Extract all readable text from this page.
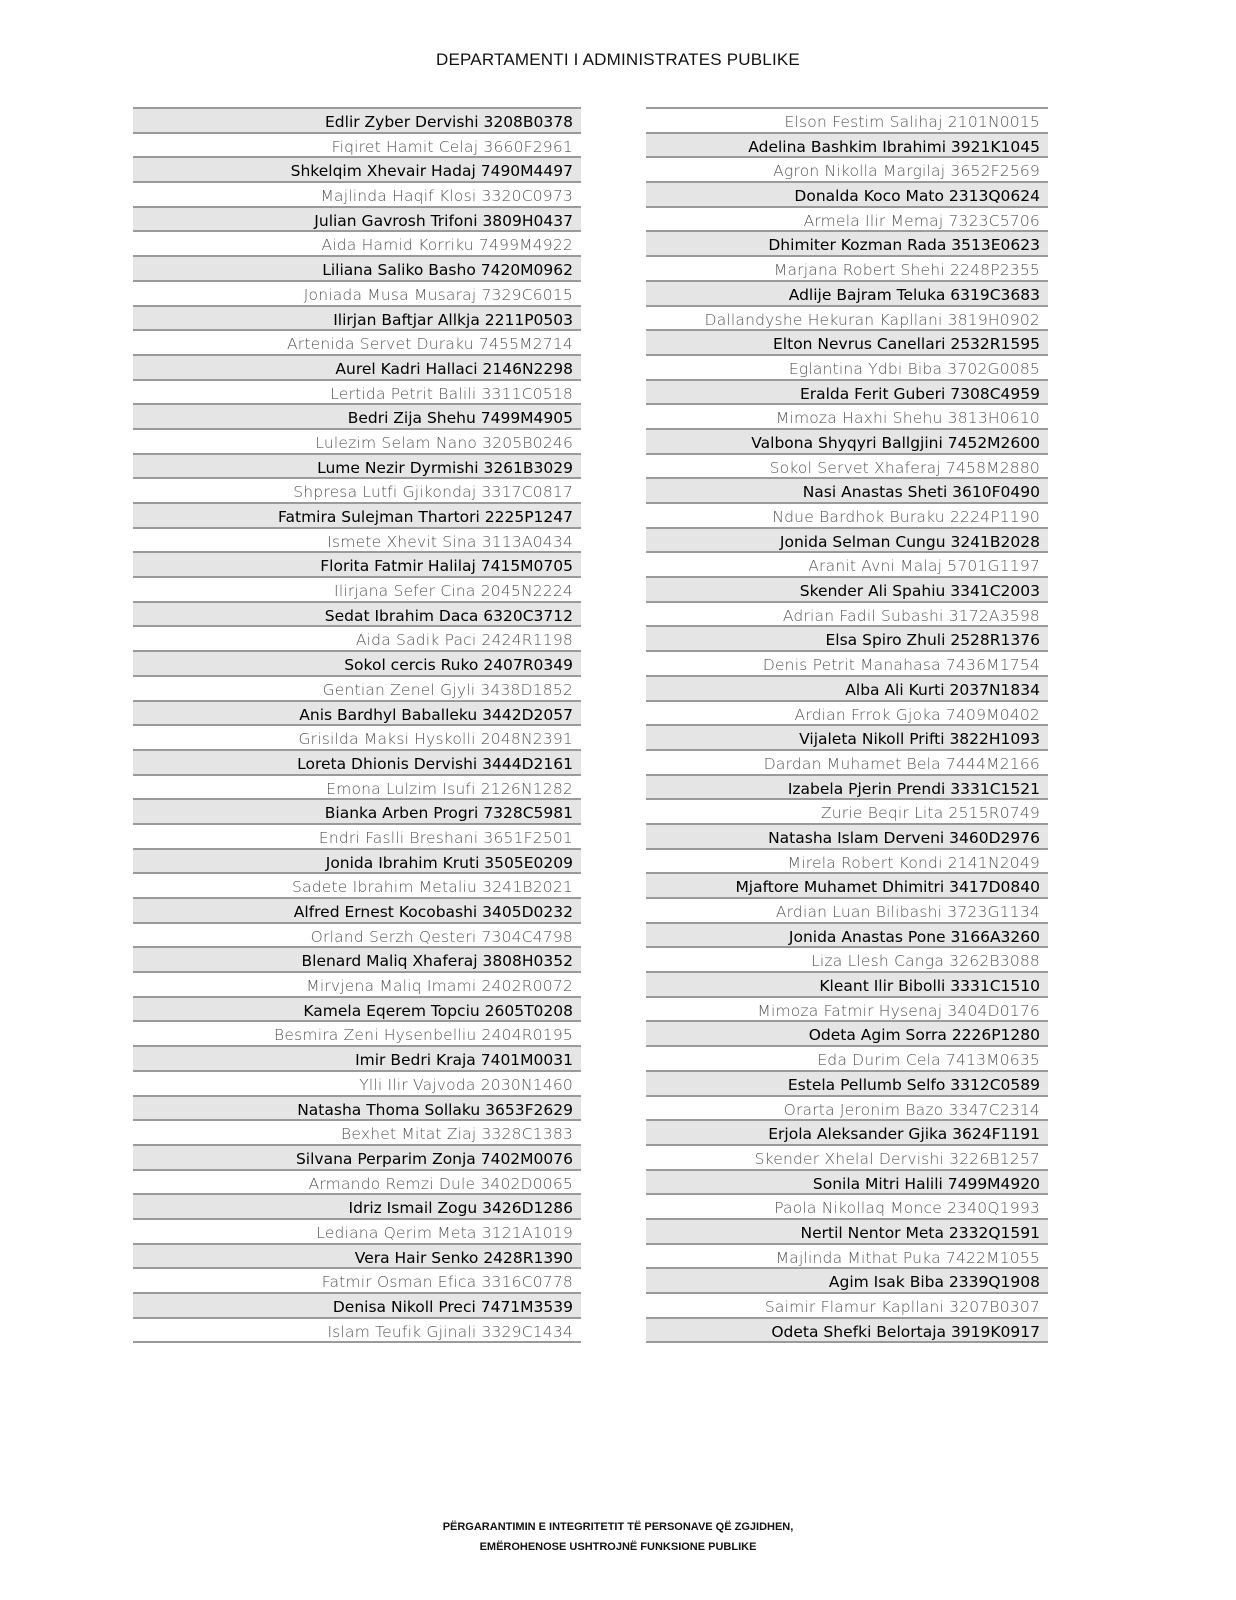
DEPARTAMENTI I ADMINISTRATES PUBLIKE
Edlir Zyber Dervishi 3208B0378
Fiqiret Hamit Celaj 3660F2961
Shkelqim Xhevair Hadaj 7490M4497
Majlinda Haqif Klosi 3320C0973
Julian Gavrosh Trifoni 3809H0437
Aida Hamid Korriku 7499M4922
Liliana Saliko Basho 7420M0962
Joniada Musa Musaraj 7329C6015
Ilirjan Baftjar Allkja 2211P0503
Artenida Servet Duraku 7455M2714
Aurel Kadri Hallaci 2146N2298
Lertida Petrit Balili 3311C0518
Bedri Zija Shehu 7499M4905
Lulezim Selam Nano 3205B0246
Lume Nezir Dyrmishi 3261B3029
Shpresa Lutfi Gjikondaj 3317C0817
Fatmira Sulejman Thartori 2225P1247
Ismete Xhevit Sina 3113A0434
Florita Fatmir Halilaj 7415M0705
Ilirjana Sefer Cina 2045N2224
Sedat Ibrahim Daca 6320C3712
Aida Sadik Paci 2424R1198
Sokol cercis Ruko 2407R0349
Gentian Zenel Gjyli 3438D1852
Anis Bardhyl Baballeku 3442D2057
Grisilda Maksi Hyskolli 2048N2391
Loreta Dhionis Dervishi 3444D2161
Emona Lulzim Isufi 2126N1282
Bianka Arben Progri 7328C5981
Endri Faslli Breshani 3651F2501
Jonida Ibrahim Kruti 3505E0209
Sadete Ibrahim Metaliu 3241B2021
Alfred Ernest Kocobashi 3405D0232
Orland Serzh Qesteri 7304C4798
Blenard Maliq Xhaferaj 3808H0352
Mirvjena Maliq Imami 2402R0072
Kamela Eqerem Topciu 2605T0208
Besmira Zeni Hysenbelliu 2404R0195
Imir Bedri Kraja 7401M0031
Ylli Ilir Vajvoda 2030N1460
Natasha Thoma Sollaku 3653F2629
Bexhet Mitat Ziaj 3328C1383
Silvana Perparim Zonja 7402M0076
Armando Remzi Dule 3402D0065
Idriz Ismail Zogu 3426D1286
Lediana Qerim Meta 3121A1019
Vera Hair Senko 2428R1390
Fatmir Osman Efica 3316C0778
Denisa Nikoll Preci 7471M3539
Islam Teufik Gjinali 3329C1434
Elson Festim Salihaj 2101N0015
Adelina Bashkim Ibrahimi 3921K1045
Agron Nikolla Margilaj 3652F2569
Donalda Koco Mato 2313Q0624
Armela Ilir Memaj 7323C5706
Dhimiter Kozman Rada 3513E0623
Marjana Robert Shehi 2248P2355
Adlije Bajram Teluka 6319C3683
Dallandyshe Hekuran Kapllani 3819H0902
Elton Nevrus Canellari 2532R1595
Eglantina Ydbi Biba 3702G0085
Eralda Ferit Guberi 7308C4959
Mimoza Haxhi Shehu 3813H0610
Valbona Shyqyri Ballgjini 7452M2600
Sokol Servet Xhaferaj 7458M2880
Nasi Anastas Sheti 3610F0490
Ndue Bardhok Buraku 2224P1190
Jonida Selman Cungu 3241B2028
Aranit Avni Malaj 5701G1197
Skender Ali Spahiu 3341C2003
Adrian Fadil Subashi 3172A3598
Elsa Spiro Zhuli 2528R1376
Denis Petrit Manahasa 7436M1754
Alba Ali Kurti 2037N1834
Ardian Frrok Gjoka 7409M0402
Vijaleta Nikoll Prifti 3822H1093
Dardan Muhamet Bela 7444M2166
Izabela Pjerin Prendi 3331C1521
Zurie Beqir Lita 2515R0749
Natasha Islam Derveni 3460D2976
Mirela Robert Kondi 2141N2049
Mjaftore Muhamet Dhimitri 3417D0840
Ardian Luan Bilibashi 3723G1134
Jonida Anastas Pone 3166A3260
Liza Llesh Canga 3262B3088
Kleant Ilir Bibolli 3331C1510
Mimoza Fatmir Hysenaj 3404D0176
Odeta Agim Sorra 2226P1280
Eda Durim Cela 7413M0635
Estela Pellumb Selfo 3312C0589
Orarta Jeronim Bazo 3347C2314
Erjola Aleksander Gjika 3624F1191
Skender Xhelal Dervishi 3226B1257
Sonila Mitri Halili 7499M4920
Paola Nikollaq Monce 2340Q1993
Nertil Nentor Meta 2332Q1591
Majlinda Mithat Puka 7422M1055
Agim Isak Biba 2339Q1908
Saimir Flamur Kapllani 3207B0307
Odeta Shefki Belortaja 3919K0917
PËRGARANTIMIN E INTEGRITETIT TË PERSONAVE QË ZGJIDHEN,
EMËROHENOSE USHTROJNË FUNKSIONE PUBLIKE
